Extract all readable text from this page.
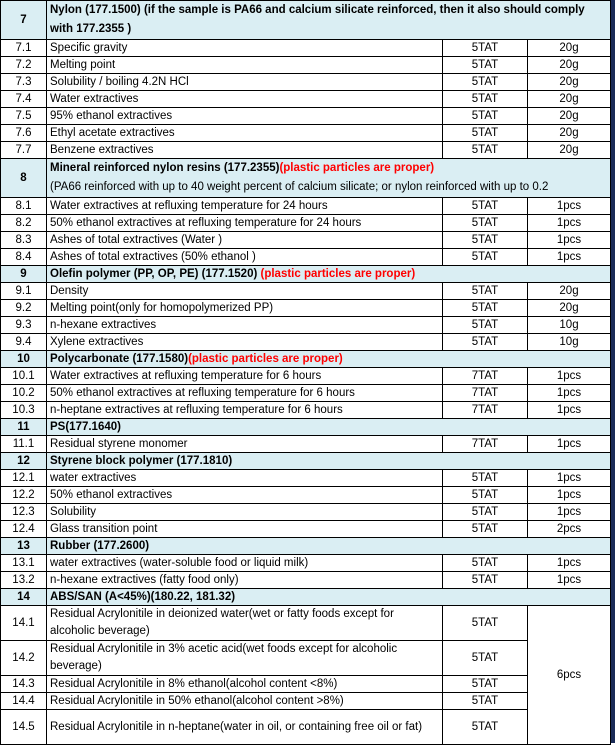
7	Nylon (177.1500) (if the sample is PA66 and calcium silicate reinforced, then it also should comply with 177.2355 )		
7.1	Specific gravity	5TAT	20g
7.2	Melting point	5TAT	20g
7.3	Solubility / boiling 4.2N HCl	5TAT	20g
7.4	Water extractives	5TAT	20g
7.5	95% ethanol extractives	5TAT	20g
7.6	Ethyl acetate extractives	5TAT	20g
7.7	Benzene extractives	5TAT	20g
8	Mineral reinforced nylon resins (177.2355)(plastic particles are proper)
(PA66 reinforced with up to 40 weight percent of calcium silicate; or nylon reinforced with up to 0.2		

8.1	Water extractives at refluxing temperature for 24 hours	5TAT	1pcs
8.2	50% ethanol extractives at refluxing temperature for 24 hours	5TAT	1pcs
8.3	Ashes of total extractives (Water )	5TAT	1pcs
8.4	Ashes of total extractives (50% ethanol )	5TAT	1pcs
9	Olefin polymer (PP, OP, PE) (177.1520) (plastic particles are proper)		
9.1	Density	5TAT	20g
9.2	Melting point(only for homopolymerized PP)	5TAT	20g
9.3	n-hexane extractives	5TAT	10g
9.4	Xylene extractives	5TAT	10g
10	Polycarbonate (177.1580)(plastic particles are proper)		
10.1	Water extractives at refluxing temperature for 6 hours	7TAT	1pcs
10.2	50% ethanol extractives at refluxing temperature for 6 hours	7TAT	1pcs
10.3	n-heptane extractives at refluxing temperature for 6 hours	7TAT	1pcs
11	PS(177.1640)		
11.1	Residual styrene monomer	7TAT	1pcs
12	Styrene block polymer (177.1810)		
12.1	water extractives	5TAT	1pcs
12.2	50% ethanol extractives	5TAT	1pcs
12.3	Solubility	5TAT	1pcs
12.4	Glass transition point	5TAT	2pcs
13	Rubber (177.2600)		
13.1	water extractives (water-soluble food or liquid milk)	5TAT	1pcs
13.2	n-hexane extractives (fatty food only)	5TAT	1pcs
14	ABS/SAN (A<45%)(180.22, 181.32)		
14.1	Residual Acrylonitile in deionized water(wet or fatty foods except for alcoholic beverage)	5TAT	6pcs
14.2	Residual Acrylonitile in 3% acetic acid(wet foods except for alcoholic beverage)	5TAT	
14.3	Residual Acrylonitile in 8% ethanol(alcohol content <8%)	5TAT	
14.4	Residual Acrylonitile in 50% ethanol(alcohol content >8%)	5TAT	
14.5	Residual Acrylonitile in n-heptane(water in oil, or containing free oil or fat)	5TAT	
